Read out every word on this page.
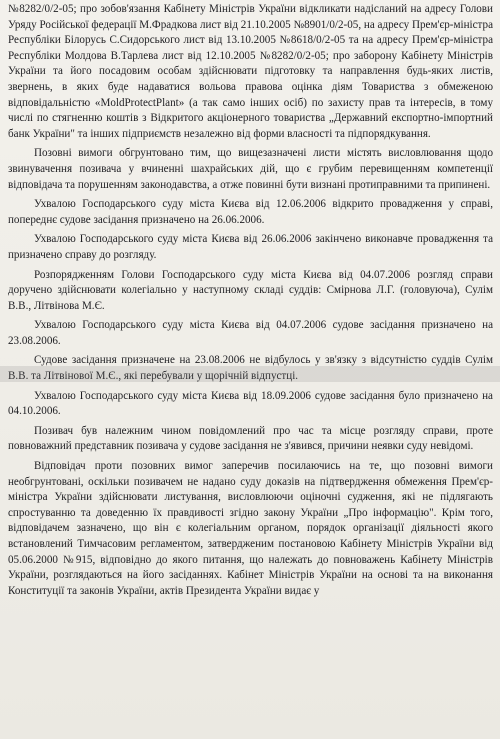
№8282/0/2-05; про зобов'язання Кабінету Міністрів України відкликати надісланий на адресу Голови Уряду Російської федерації М.Фрадкова лист від 21.10.2005 №8901/0/2-05, на адресу Прем'єр-міністра Республіки Білорусь С.Сидорського лист від 13.10.2005 №8618/0/2-05 та на адресу Прем'єр-міністра Республіки Молдова В.Тарлева лист від 12.10.2005 №8282/0/2-05; про заборону Кабінету Міністрів України та його посадовим особам здійснювати підготовку та направлення будь-яких листів, звернень, в яких буде надаватися вольова правова оцінка діям Товариства з обмеженою відповідальністю «MoldProtectPlant» (а так само інших осіб) по захисту прав та інтересів, в тому числі по стягненню коштів з Відкритого акціонерного товариства „Державний експортно-імпортний банк України" та інших підприємств незалежно від форми власності та підпорядкування.

Позовні вимоги обгрунтовано тим, що вищезазначені листи містять висловлювання щодо звинувачення позивача у вчиненні шахрайських дій, що є грубим перевищенням компетенції відповідача та порушенням законодавства, а отже повинні бути визнані протиправними та припинені.

Ухвалою Господарського суду міста Києва від 12.06.2006 відкрито провадження у справі, попереднє судове засідання призначено на 26.06.2006.

Ухвалою Господарського суду міста Києва від 26.06.2006 закінчено виконавче провадження та призначено справу до розгляду.

Розпорядженням Голови Господарського суду міста Києва від 04.07.2006 розгляд справи доручено здійснювати колегіально у наступному складі суддів: Смірнова Л.Г. (головуюча), Сулім В.В., Літвінова М.Є.

Ухвалою Господарського суду міста Києва від 04.07.2006 судове засідання призначено на 23.08.2006.

Судове засідання призначене на 23.08.2006 не відбулось у зв'язку з відсутністю суддів Сулім В.В. та Літвінової М.Є., які перебували у щорічній відпустці.

Ухвалою Господарського суду міста Києва від 18.09.2006 судове засідання було призначено на 04.10.2006.

Позивач був належним чином повідомлений про час та місце розгляду справи, проте повноважний представник позивача у судове засідання не з'явився, причини неявки суду невідомі.

Відповідач проти позовних вимог заперечив посилаючись на те, що позовні вимоги необгрунтовані, оскільки позивачем не надано суду доказів на підтвердження обмеження Прем'єр-міністра України здійснювати листування, висловлюючи оціночні судження, які не підлягають спростуванню та доведенню їх правдивості згідно закону України „Про інформацію". Крім того, відповідачем зазначено, що він є колегіальним органом, порядок організації діяльності якого встановлений Тимчасовим регламентом, затвердженим постановою Кабінету Міністрів України від 05.06.2000 №915, відповідно до якого питання, що належать до повноважень Кабінету Міністрів України, розглядаються на його засіданнях. Кабінет Міністрів України на основі та на виконання Конституції та законів України, актів Президента України видає у
